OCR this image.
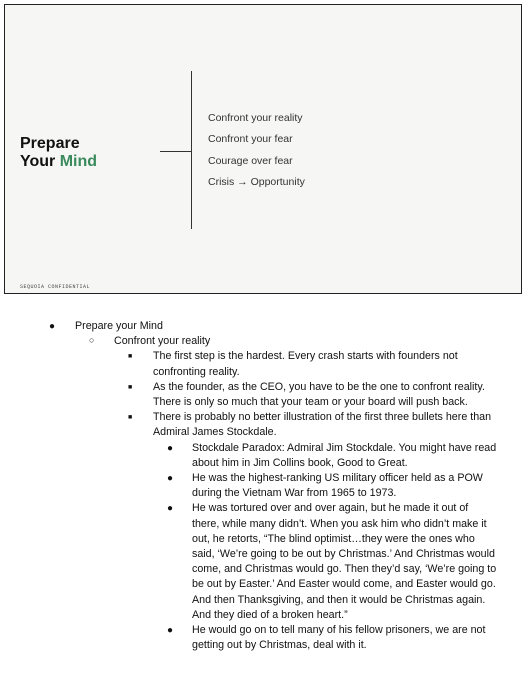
Prepare
Your Mind
Confront your reality
Confront your fear
Courage over fear
Crisis → Opportunity
SEQUOIA CONFIDENTIAL
● Prepare your Mind
○ Confront your reality
■ The first step is the hardest. Every crash starts with founders not confronting reality.
■ As the founder, as the CEO, you have to be the one to confront reality. There is only so much that your team or your board will push back.
■ There is probably no better illustration of the first three bullets here than Admiral James Stockdale.
● Stockdale Paradox: Admiral Jim Stockdale. You might have read about him in Jim Collins book, Good to Great.
● He was the highest-ranking US military officer held as a POW during the Vietnam War from 1965 to 1973.
● He was tortured over and over again, but he made it out of there, while many didn’t. When you ask him who didn’t make it out, he retorts, “The blind optimist…they were the ones who said, ‘We’re going to be out by Christmas.’ And Christmas would come, and Christmas would go. Then they’d say, ‘We’re going to be out by Easter.’ And Easter would come, and Easter would go. And then Thanksgiving, and then it would be Christmas again. And they died of a broken heart.”
● He would go on to tell many of his fellow prisoners, we are not getting out by Christmas, deal with it.
